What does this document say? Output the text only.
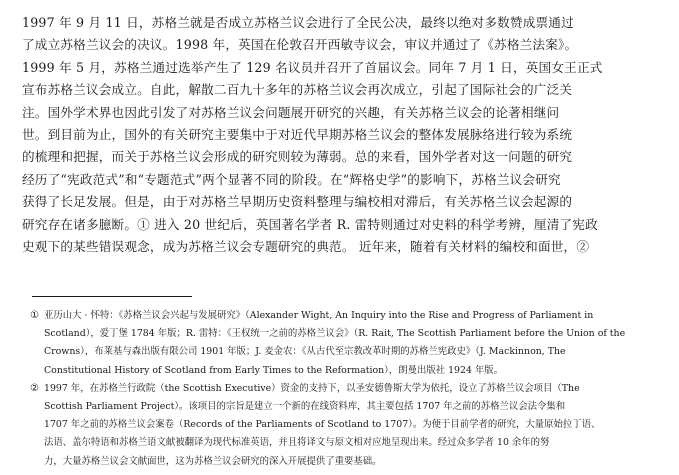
1997 年 9 月 11 日，苏格兰就是否成立苏格兰议会进行了全民公决，最终以绝对多数赞成票通过
了成立苏格兰议会的决议。1998 年，英国在伦敦召开西敏寺议会，审议并通过了《苏格兰法案》。
1999 年 5 月，苏格兰通过选举产生了 129 名议员并召开了首届议会。同年 7 月 1 日，英国女王正式
宣布苏格兰议会成立。自此，解散二百九十多年的苏格兰议会再次成立，引起了国际社会的广泛关
注。国外学术界也因此引发了对苏格兰议会问题展开研究的兴趣，有关苏格兰议会的论著相继问
世。到目前为止，国外的有关研究主要集中于对近代早期苏格兰议会的整体发展脉络进行较为系统
的梳理和把握，而关于苏格兰议会形成的研究则较为薄弱。总的来看，国外学者对这一问题的研究
经历了“宪政范式”和“专题范式”两个显著不同的阶段。在“辉格史学”的影响下，苏格兰议会研究
获得了长足发展。但是，由于对苏格兰早期历史资料整理与编校相对滞后，有关苏格兰议会起源的
研究存在诸多臆断。① 进入 20 世纪后，英国著名学者 R. 雷特则通过对史料的科学考辨，厘清了宪政
史观下的某些错误观念，成为苏格兰议会专题研究的典范。 近年来，随着有关材料的编校和面世，②
① 亚历山大 · 怀特：《苏格兰议会兴起与发展研究》（Alexander Wight, An Inquiry into the Rise and Progress of Parliament in
Scotland），爱丁堡 1784 年版；R. 雷特：《王权统一之前的苏格兰议会》（R. Rait, The Scottish Parliament before the Union of the
Crowns），布莱基与森出版有限公司 1901 年版；J. 麦金农：《从古代至宗教改革时期的苏格兰宪政史》（J. Mackinnon, The
Constitutional History of Scotland from Early Times to the Reformation），朗曼出版社 1924 年版。
② 1997 年，在苏格兰行政院（the Scottish Executive）资金的支持下，以圣安德鲁斯大学为依托，设立了苏格兰议会项目（The
Scottish Parliament Project）。该项目的宗旨是建立一个新的在线资料库，其主要包括 1707 年之前的苏格兰议会法令集和
1707 年之前的苏格兰议会案卷（Records of the Parliaments of Scotland to 1707）。为便于目前学者的研究，大量原始拉丁语、
法语、盖尔特语和苏格兰语文献被翻译为现代标准英语，并且将译文与原文相对应地呈现出来。经过众多学者 10 余年的努
力，大量苏格兰议会文献面世，这为苏格兰议会研究的深入开展提供了重要基础。
